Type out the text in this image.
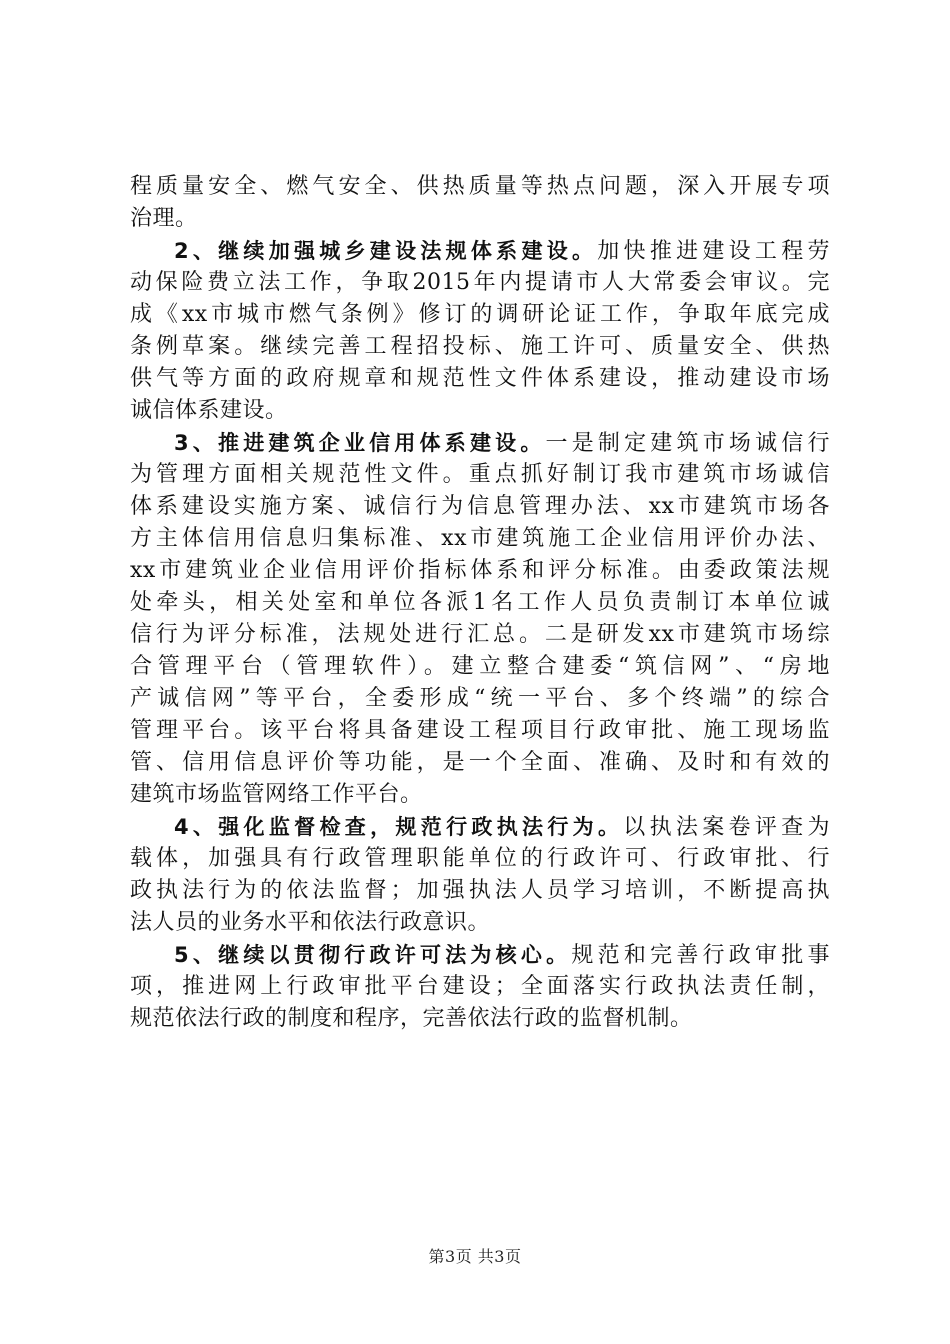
程质量安全、燃气安全、供热质量等热点问题，深入开展专项
治理。
2、继续加强城乡建设法规体系建设。加快推进建设工程劳
动保险费立法工作，争取2015年内提请市人大常委会审议。完
成《xx市城市燃气条例》修订的调研论证工作，争取年底完成
条例草案。继续完善工程招投标、施工许可、质量安全、供热
供气等方面的政府规章和规范性文件体系建设，推动建设市场
诚信体系建设。
3、推进建筑企业信用体系建设。一是制定建筑市场诚信行
为管理方面相关规范性文件。重点抓好制订我市建筑市场诚信
体系建设实施方案、诚信行为信息管理办法、xx市建筑市场各
方主体信用信息归集标准、xx市建筑施工企业信用评价办法、
xx市建筑业企业信用评价指标体系和评分标准。由委政策法规
处牵头，相关处室和单位各派1名工作人员负责制订本单位诚
信行为评分标准，法规处进行汇总。二是研发xx市建筑市场综
合管理平台（管理软件）。建立整合建委“筑信网”、“房地
产诚信网”等平台，全委形成“统一平台、多个终端”的综合
管理平台。该平台将具备建设工程项目行政审批、施工现场监
管、信用信息评价等功能，是一个全面、准确、及时和有效的
建筑市场监管网络工作平台。
4、强化监督检查，规范行政执法行为。以执法案卷评查为
载体，加强具有行政管理职能单位的行政许可、行政审批、行
政执法行为的依法监督；加强执法人员学习培训，不断提高执
法人员的业务水平和依法行政意识。
5、继续以贯彻行政许可法为核心。规范和完善行政审批事
项，推进网上行政审批平台建设；全面落实行政执法责任制，
规范依法行政的制度和程序，完善依法行政的监督机制。
第3页 共3页
